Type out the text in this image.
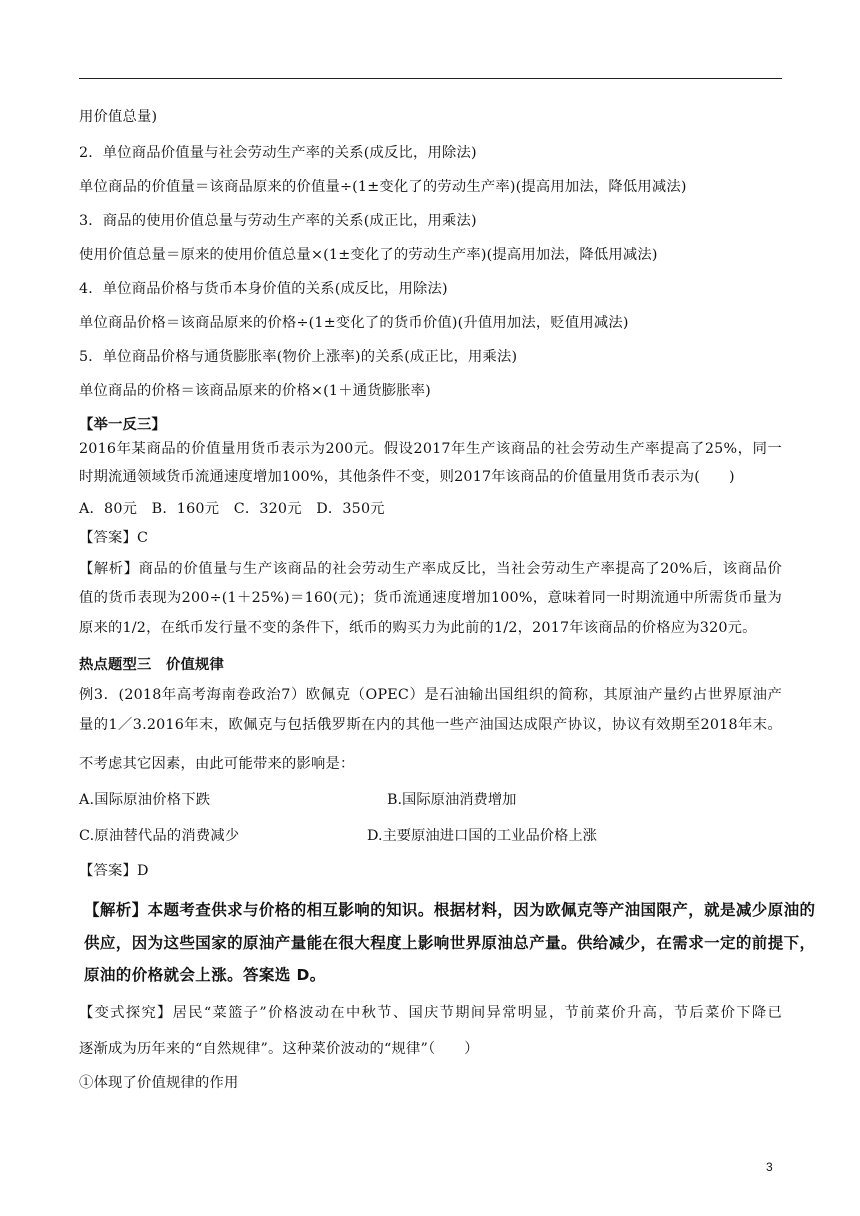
用价值总量)
2．单位商品价值量与社会劳动生产率的关系(成反比，用除法)
单位商品的价值量＝该商品原来的价值量÷(1±变化了的劳动生产率)(提高用加法，降低用减法)
3．商品的使用价值总量与劳动生产率的关系(成正比，用乘法)
使用价值总量＝原来的使用价值总量×(1±变化了的劳动生产率)(提高用加法，降低用减法)
4．单位商品价格与货币本身价值的关系(成反比，用除法)
单位商品价格＝该商品原来的价格÷(1±变化了的货币价值)(升值用加法，贬值用减法)
5．单位商品价格与通货膨胀率(物价上涨率)的关系(成正比，用乘法)
单位商品的价格＝该商品原来的价格×(1＋通货膨胀率)
【举一反三】
2016年某商品的价值量用货币表示为200元。假设2017年生产该商品的社会劳动生产率提高了25%，同一
时期流通领域货币流通速度增加100%，其他条件不变，则2017年该商品的价值量用货币表示为(　　)
A．80元　B．160元　C．320元　D．350元
【答案】C
【解析】商品的价值量与生产该商品的社会劳动生产率成反比，当社会劳动生产率提高了20%后，该商品价
值的货币表现为200÷(1＋25%)＝160(元)；货币流通速度增加100%，意味着同一时期流通中所需货币量为
原来的1/2，在纸币发行量不变的条件下，纸币的购买力为此前的1/2，2017年该商品的价格应为320元。
热点题型三　价值规律
例3．(2018年高考海南卷政治7）欧佩克（OPEC）是石油输出国组织的简称，其原油产量约占世界原油产
量的1／3.2016年末，欧佩克与包括俄罗斯在内的其他一些产油国达成限产协议，协议有效期至2018年末。
不考虑其它因素，由此可能带来的影响是：
A.国际原油价格下跌	B.国际原油消费增加
C.原油替代品的消费减少	D.主要原油进口国的工业品价格上涨
【答案】D
【解析】本题考查供求与价格的相互影响的知识。根据材料，因为欧佩克等产油国限产，就是减少原油的
供应，因为这些国家的原油产量能在很大程度上影响世界原油总产量。供给减少，在需求一定的前提下，
原油的价格就会上涨。答案选 D。
【变式探究】居民“菜篮子”价格波动在中秋节、国庆节期间异常明显，节前菜价升高，节后菜价下降已
逐渐成为历年来的“自然规律”。这种菜价波动的“规律”（　　）
①体现了价值规律的作用
3
